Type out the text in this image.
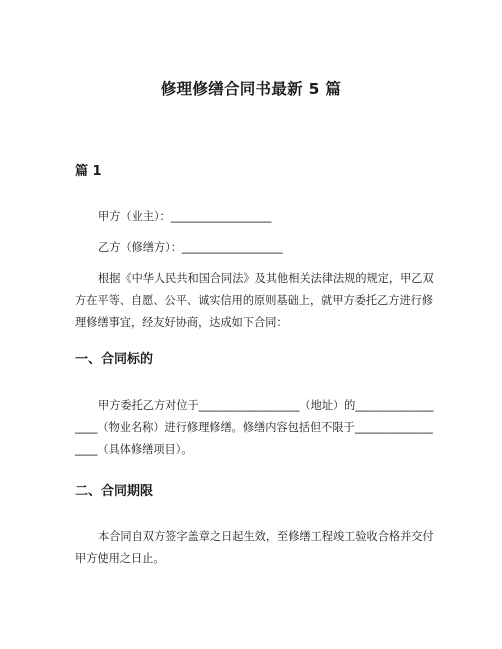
修理修缮合同书最新 5 篇
篇 1
甲方（业主）：__________________
乙方（修缮方）：__________________
根据《中华人民共和国合同法》及其他相关法律法规的规定，甲乙双方在平等、自愿、公平、诚实信用的原则基础上，就甲方委托乙方进行修理修缮事宜，经友好协商，达成如下合同：
一、合同标的
甲方委托乙方对位于__________________（地址）的__________________（物业名称）进行修理修缮。修缮内容包括但不限于__________________（具体修缮项目）。
二、合同期限
本合同自双方签字盖章之日起生效，至修缮工程竣工验收合格并交付甲方使用之日止。
